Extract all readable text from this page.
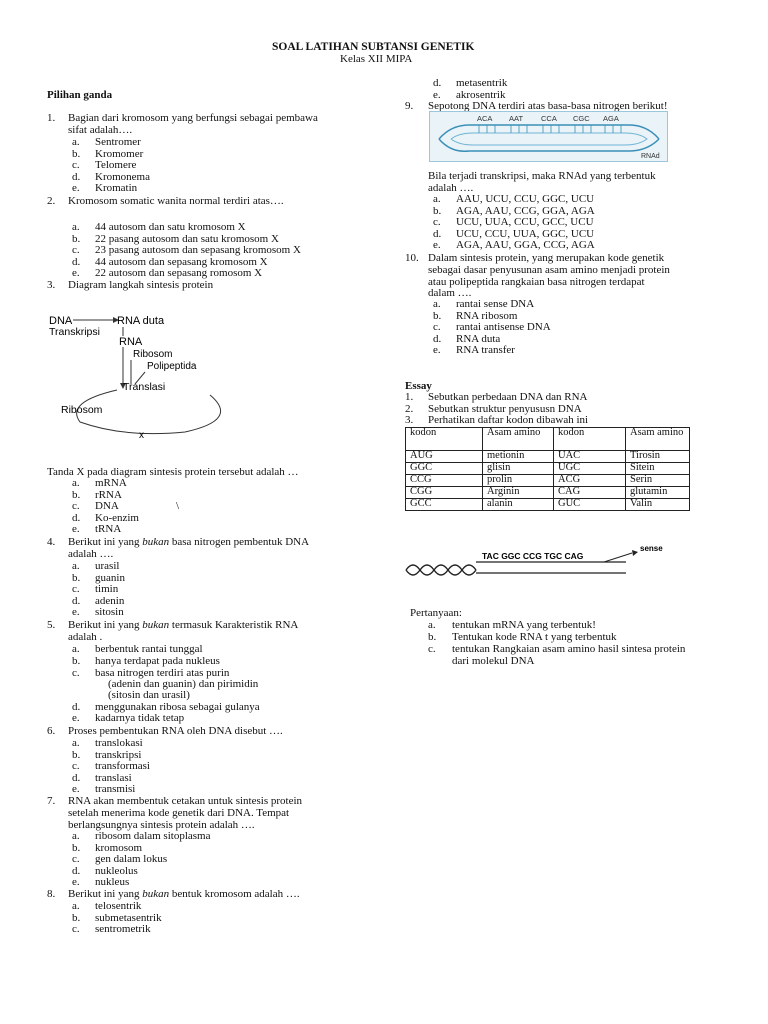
SOAL LATIHAN SUBTANSI GENETIK
Kelas XII MIPA
Pilihan ganda
1. Bagian dari kromosom yang berfungsi sebagai pembawa
sifat adalah….
a. Sentromer
b. Kromomer
c. Telomere
d. Kromonema
e. Kromatin
2. Kromosom somatic wanita normal terdiri atas….
a. 44 autosom dan satu kromosom X
b. 22 pasang autosom dan satu kromosom X
c. 23 pasang autosom dan sepasang kromosom X
d. 44 autosom dan sepasang kromosom X
e. 22 autosom dan sepasang romosom X
3. Diagram langkah sintesis protein
DNA
Transkripsi
RNA duta
RNA
Ribosom
Polipeptida
Translasi
Ribosom
x
Tanda X pada diagram sintesis protein tersebut adalah …
a. mRNA
b. rRNA
c. DNA
d. Ko-enzim
e. tRNA
\
4. Berikut ini yang bukan basa nitrogen pembentuk DNA
adalah ….
a. urasil
b. guanin
c. timin
d. adenin
e. sitosin
5. Berikut ini yang bukan termasuk Karakteristik RNA
adalah .
a. berbentuk rantai tunggal
b. hanya terdapat pada nukleus
c. basa nitrogen terdiri atas purin
(adenin dan guanin) dan pirimidin
(sitosin dan urasil)
d. menggunakan ribosa sebagai gulanya
e. kadarnya tidak tetap
6. Proses pembentukan RNA oleh DNA disebut ….
a. translokasi
b. transkripsi
c. transformasi
d. translasi
e. transmisi
7. RNA akan membentuk cetakan untuk sintesis protein
setelah menerima kode genetik dari DNA. Tempat
berlangsungnya sintesis protein adalah ….
a. ribosom dalam sitoplasma
b. kromosom
c. gen dalam lokus
d. nukleolus
e. nukleus
8. Berikut ini yang bukan bentuk kromosom adalah ….
a. telosentrik
b. submetasentrik
c. sentrometrik
d. metasentrik
e. akrosentrik
9. Sepotong DNA terdiri atas basa-basa nitrogen berikut!
ACA AAT CCA CGC AGA
RNAd
Bila terjadi transkripsi, maka RNAd yang terbentuk
adalah ….
a. AAU, UCU, CCU, GGC, UCU
b. AGA, AAU, CCG, GGA, AGA
c. UCU, UUA, CCU, GCC, UCU
d. UCU, CCU, UUA, GGC, UCU
e. AGA, AAU, GGA, CCG, AGA
10. Dalam sintesis protein, yang merupakan kode genetik
sebagai dasar penyusunan asam amino menjadi protein
atau polipeptida rangkaian basa nitrogen terdapat
dalam ….
a. rantai sense DNA
b. RNA ribosom
c. rantai antisense DNA
d. RNA duta
e. RNA transfer
Essay
1. Sebutkan perbedaan DNA dan RNA
2. Sebutkan struktur penyususn DNA
3. Perhatikan daftar kodon dibawah ini
kodon	Asam amino	kodon	Asam amino
AUG	metionin	UAC	Tirosin
GGC	glisin	UGC	Sitein
CCG	prolin	ACG	Serin
CGG	Arginin	CAG	glutamin
GCC	alanin	GUC	Valin
TAC GGC CCG TGC CAG
sense
Pertanyaan:
a. tentukan mRNA yang terbentuk!
b. Tentukan kode RNA t yang terbentuk
c. tentukan Rangkaian asam amino hasil sintesa protein
dari molekul DNA
